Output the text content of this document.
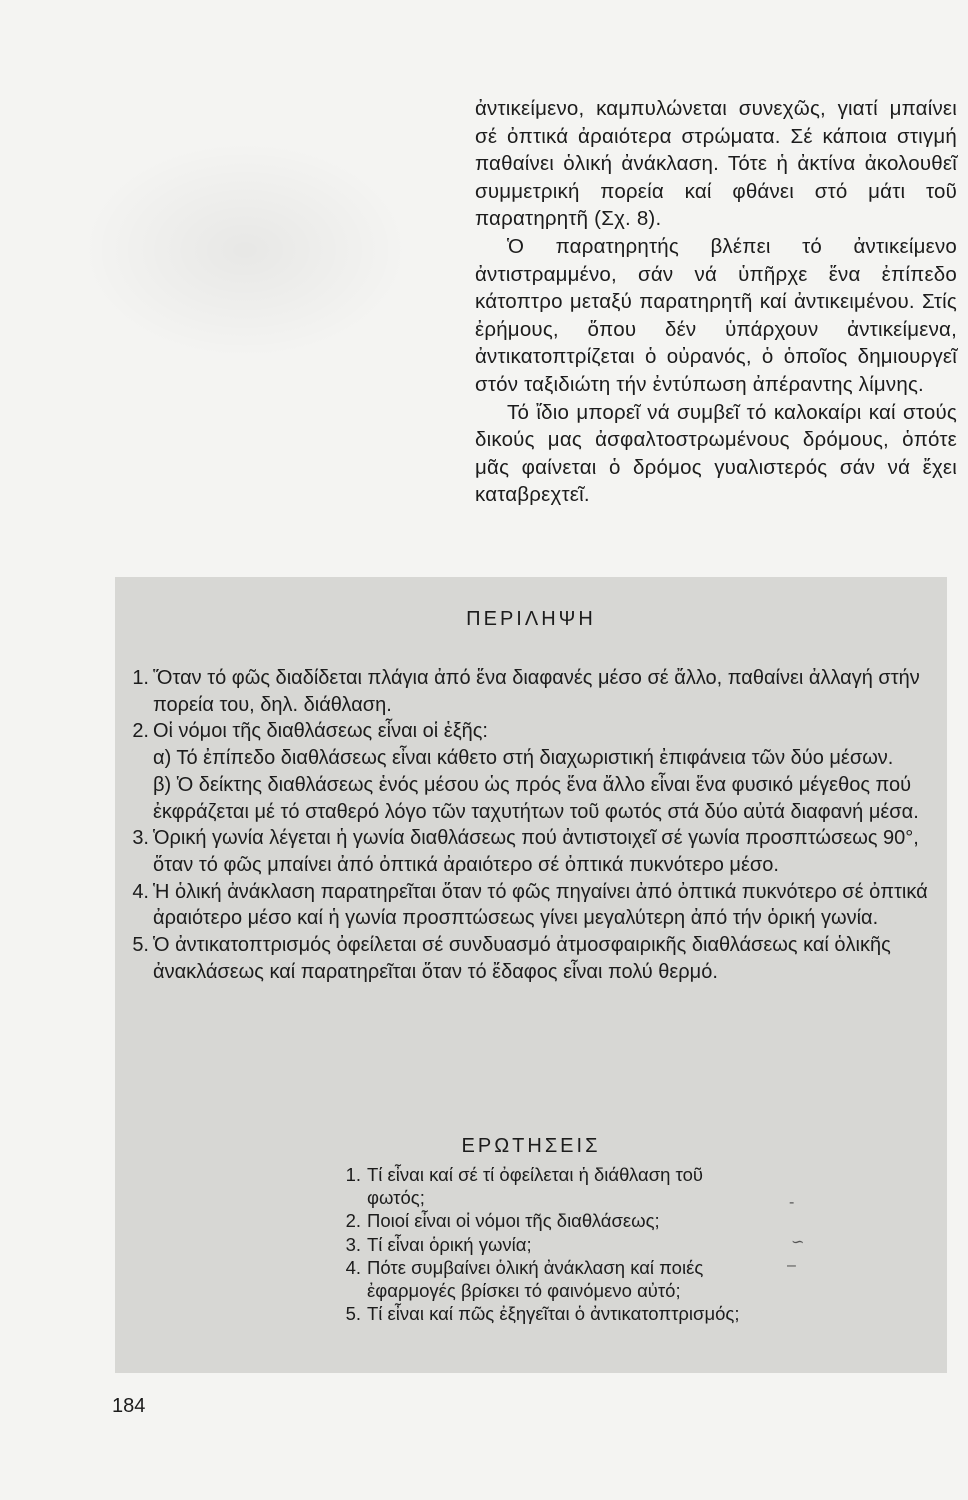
ἀντικείμενο, καμπυλώνεται συνεχῶς, γιατί μπαίνει σέ ὀπτικά ἀραιότερα στρώματα. Σέ κάποια στιγμή παθαίνει ὁλική ἀνάκλαση. Τότε ἡ ἀκτίνα ἀκολουθεῖ συμμετρική πορεία καί φθάνει στό μάτι τοῦ παρατηρητῆ (Σχ. 8).

Ὁ παρατηρητής βλέπει τό ἀντικείμενο ἀντιστραμμένο, σάν νά ὑπῆρχε ἕνα ἐπίπεδο κάτοπτρο μεταξύ παρατηρητῆ καί ἀντικειμένου. Στίς ἐρήμους, ὅπου δέν ὑπάρχουν ἀντικείμενα, ἀντικατοπτρίζεται ὁ οὐρανός, ὁ ὁποῖος δημιουργεῖ στόν ταξιδιώτη τήν ἐντύπωση ἀπέραντης λίμνης.

Τό ἴδιο μπορεῖ νά συμβεῖ τό καλοκαίρι καί στούς δικούς μας ἀσφαλτοστρωμένους δρόμους, ὁπότε μᾶς φαίνεται ὁ δρόμος γυαλιστερός σάν νά ἔχει καταβρεχτεῖ.

ΠΕΡΙΛΗΨΗ
1. Ὅταν τό φῶς διαδίδεται πλάγια ἀπό ἕνα διαφανές μέσο σέ ἄλλο, παθαίνει ἀλλαγή στήν πορεία του, δηλ. διάθλαση.
2. Οἱ νόμοι τῆς διαθλάσεως εἶναι οἱ ἑξῆς:
α) Τό ἐπίπεδο διαθλάσεως εἶναι κάθετο στή διαχωριστική ἐπιφάνεια τῶν δύο μέσων.
β) Ὁ δείκτης διαθλάσεως ἑνός μέσου ὡς πρός ἕνα ἄλλο εἶναι ἕνα φυσικό μέγεθος πού ἐκφράζεται μέ τό σταθερό λόγο τῶν ταχυτήτων τοῦ φωτός στά δύο αὐτά διαφανή μέσα.
3. Ὁρική γωνία λέγεται ἡ γωνία διαθλάσεως πού ἀντιστοιχεῖ σέ γωνία προσπτώσεως 90°, ὅταν τό φῶς μπαίνει ἀπό ὀπτικά ἀραιότερο σέ ὀπτικά πυκνότερο μέσο.
4. Ἡ ὁλική ἀνάκλαση παρατηρεῖται ὅταν τό φῶς πηγαίνει ἀπό ὀπτικά πυκνότερο σέ ὀπτικά ἀραιότερο μέσο καί ἡ γωνία προσπτώσεως γίνει μεγαλύτερη ἀπό τήν ὁρική γωνία.
5. Ὁ ἀντικατοπτρισμός ὀφείλεται σέ συνδυασμό ἀτμοσφαιρικῆς διαθλάσεως καί ὁλικῆς ἀνακλάσεως καί παρατηρεῖται ὅταν τό ἔδαφος εἶναι πολύ θερμό.
ΕΡΩΤΗΣΕΙΣ
1. Τί εἶναι καί σέ τί ὀφείλεται ἡ διάθλαση τοῦ φωτός;
2. Ποιοί εἶναι οἱ νόμοι τῆς διαθλάσεως;
3. Τί εἶναι ὁρική γωνία;
4. Πότε συμβαίνει ὁλική ἀνάκλαση καί ποιές ἐφαρμογές βρίσκει τό φαινόμενο αὐτό;
5. Τί εἶναι καί πῶς ἐξηγεῖται ὁ ἀντικατοπτρισμός;
‐
∽
–
184
